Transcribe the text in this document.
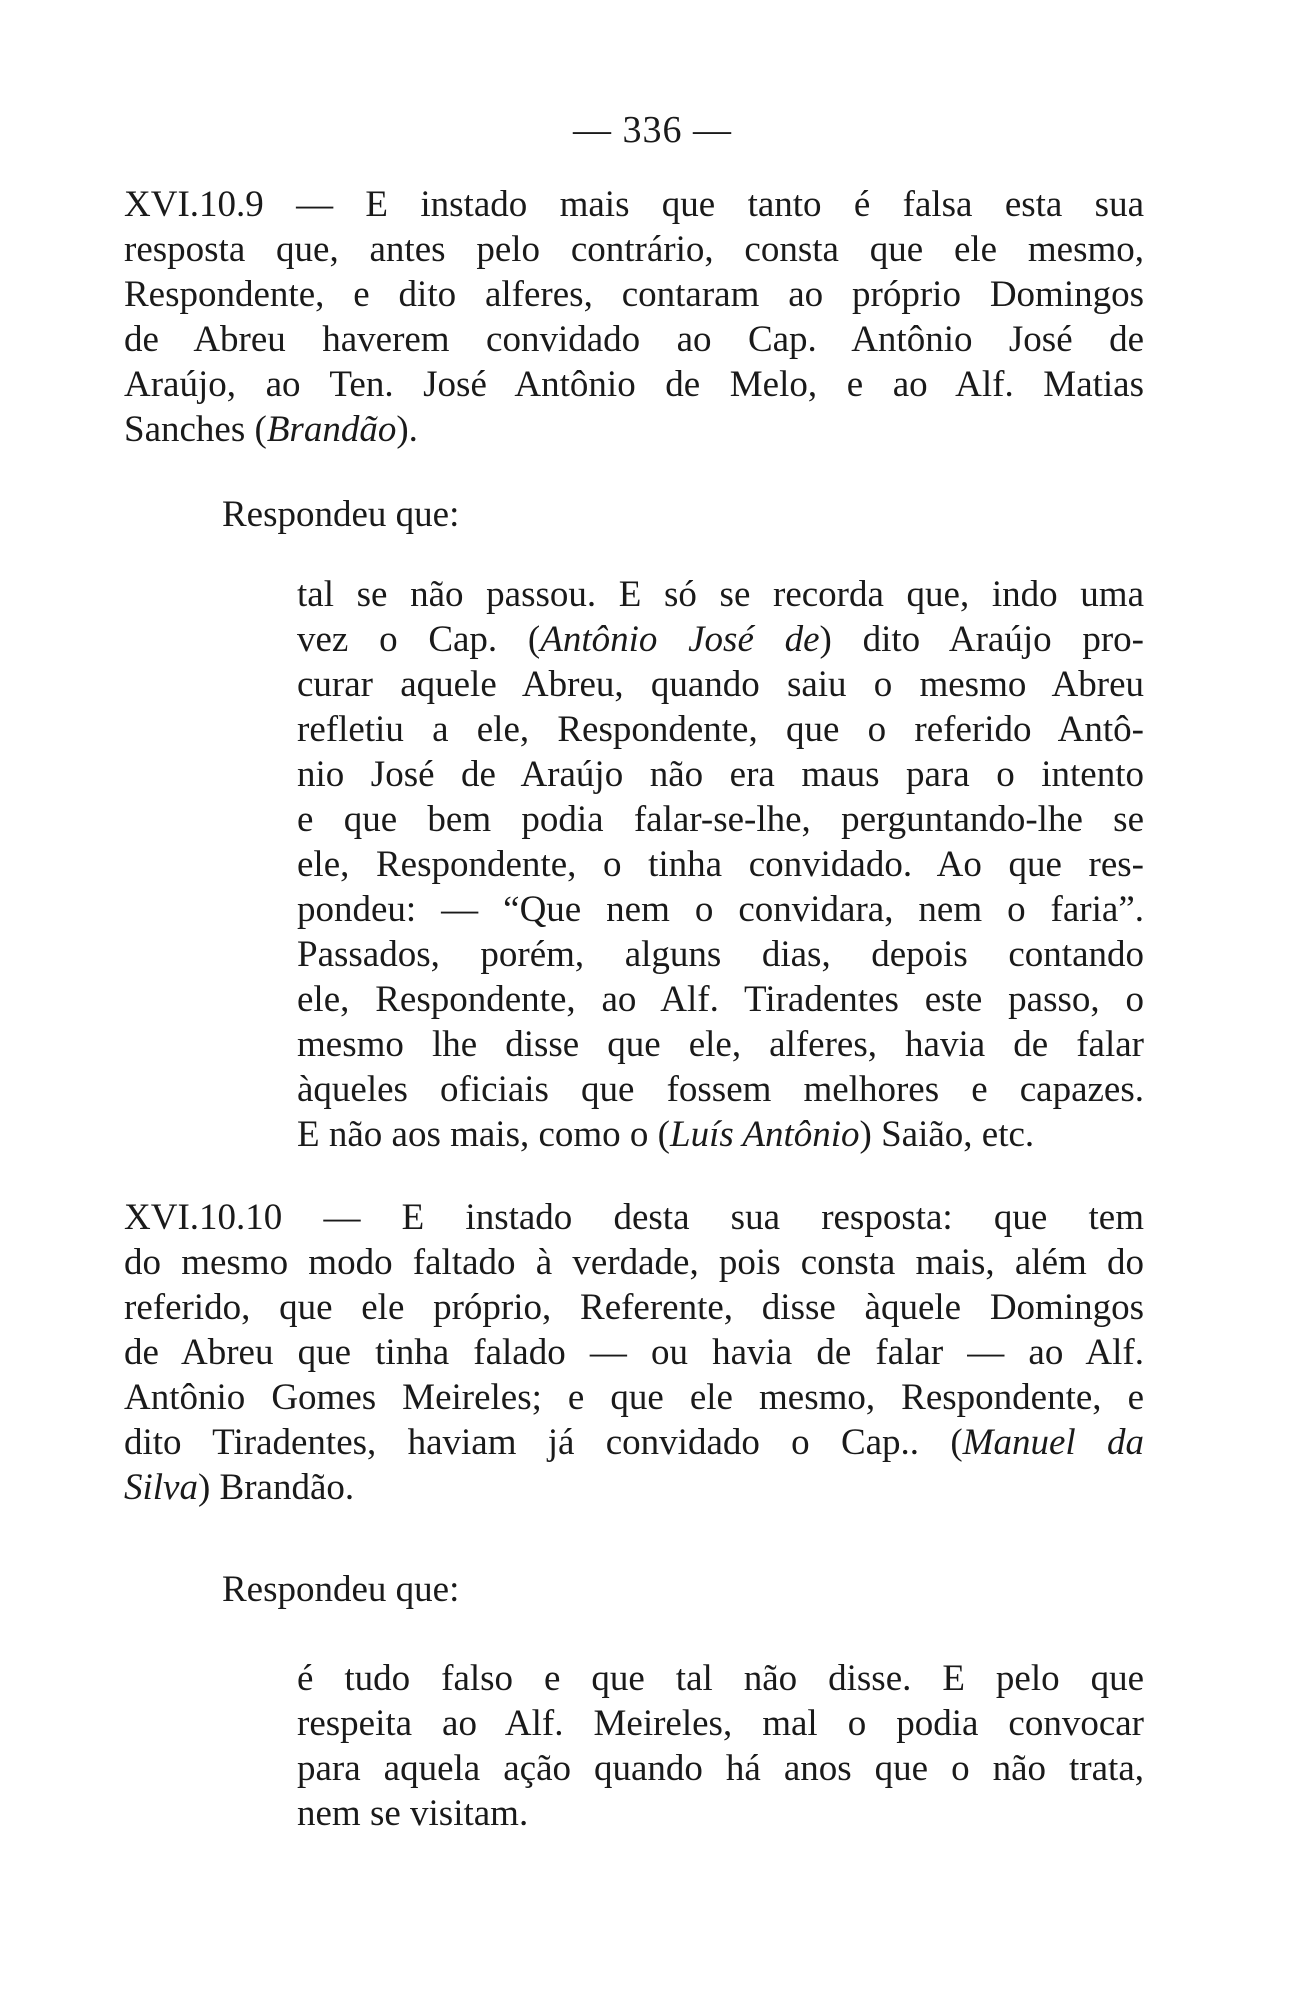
— 336 —
XVI.10.9 — E instado mais que tanto é falsa esta sua
resposta que, antes pelo contrário, consta que ele mesmo,
Respondente, e dito alferes, contaram ao próprio Domingos
de Abreu haverem convidado ao Cap. Antônio José de
Araújo, ao Ten. José Antônio de Melo, e ao Alf. Matias
Sanches (Brandão).
Respondeu que:
tal se não passou. E só se recorda que, indo uma
vez o Cap. (Antônio José de) dito Araújo pro-
curar aquele Abreu, quando saiu o mesmo Abreu
refletiu a ele, Respondente, que o referido Antô-
nio José de Araújo não era maus para o intento
e que bem podia falar-se-lhe, perguntando-lhe se
ele, Respondente, o tinha convidado. Ao que res-
pondeu: — “Que nem o convidara, nem o faria”.
Passados, porém, alguns dias, depois contando
ele, Respondente, ao Alf. Tiradentes este passo, o
mesmo lhe disse que ele, alferes, havia de falar
àqueles oficiais que fossem melhores e capazes.
E não aos mais, como o (Luís Antônio) Saião, etc.
XVI.10.10 — E instado desta sua resposta: que tem
do mesmo modo faltado à verdade, pois consta mais, além do
referido, que ele próprio, Referente, disse àquele Domingos
de Abreu que tinha falado — ou havia de falar — ao Alf.
Antônio Gomes Meireles; e que ele mesmo, Respondente, e
dito Tiradentes, haviam já convidado o Cap.. (Manuel da
Silva) Brandão.
Respondeu que:
é tudo falso e que tal não disse. E pelo que
respeita ao Alf. Meireles, mal o podia convocar
para aquela ação quando há anos que o não trata,
nem se visitam.
